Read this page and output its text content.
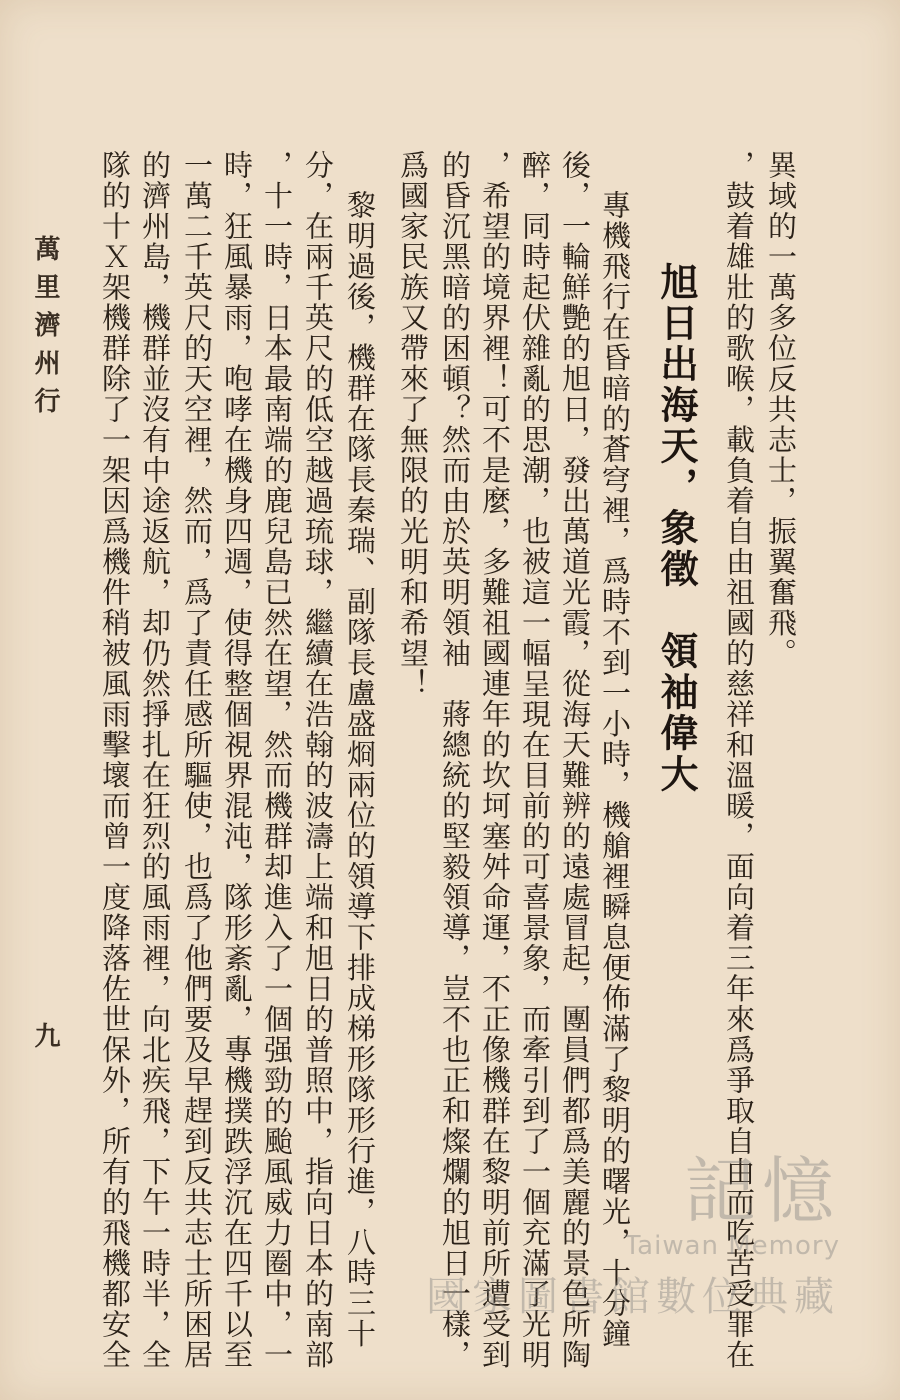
異域的一萬多位反共志士，振翼奮飛。
，鼓着雄壯的歌喉，載負着自由祖國的慈祥和溫暖，面向着三年來爲爭取自由而吃苦受罪在
旭日出海天，象徵　領袖偉大
專機飛行在昏暗的蒼穹裡，爲時不到一小時，機艙裡瞬息便佈滿了黎明的曙光，十分鐘
後，一輪鮮艷的旭日，發出萬道光霞，從海天難辨的遠處冒起，團員們都爲美麗的景色所陶
醉，同時起伏雜亂的思潮，也被這一幅呈現在目前的可喜景象，而牽引到了一個充滿了光明
，希望的境界裡！可不是麼，多難祖國連年的坎坷塞舛命運，不正像機群在黎明前所遭受到
的昏沉黑暗的困頓？然而由於英明領袖　蔣總統的堅毅領導，豈不也正和燦爛的旭日一樣，
爲國家民族又帶來了無限的光明和希望！
黎明過後，機群在隊長秦瑞、副隊長盧盛烱兩位的領導下排成梯形隊形行進，八時三十
分，在兩千英尺的低空越過琉球，繼續在浩翰的波濤上端和旭日的普照中，指向日本的南部
，十一時，日本最南端的鹿兒島已然在望，然而機群却進入了一個强勁的颱風威力圈中，一
時，狂風暴雨，咆哮在機身四週，使得整個視界混沌，隊形紊亂，專機撲跌浮沉在四千以至
一萬二千英尺的天空裡，然而，爲了責任感所驅使，也爲了他們要及早趕到反共志士所困居
的濟州島，機群並沒有中途返航，却仍然掙扎在狂烈的風雨裡，向北疾飛，下午一時半，全
隊的十Ｘ架機群除了一架因爲機件稍被風雨擊壞而曾一度降落佐世保外，所有的飛機都安全
萬里濟州行
九
記憶
Taiwan Memory
國家圖書館數位典藏
